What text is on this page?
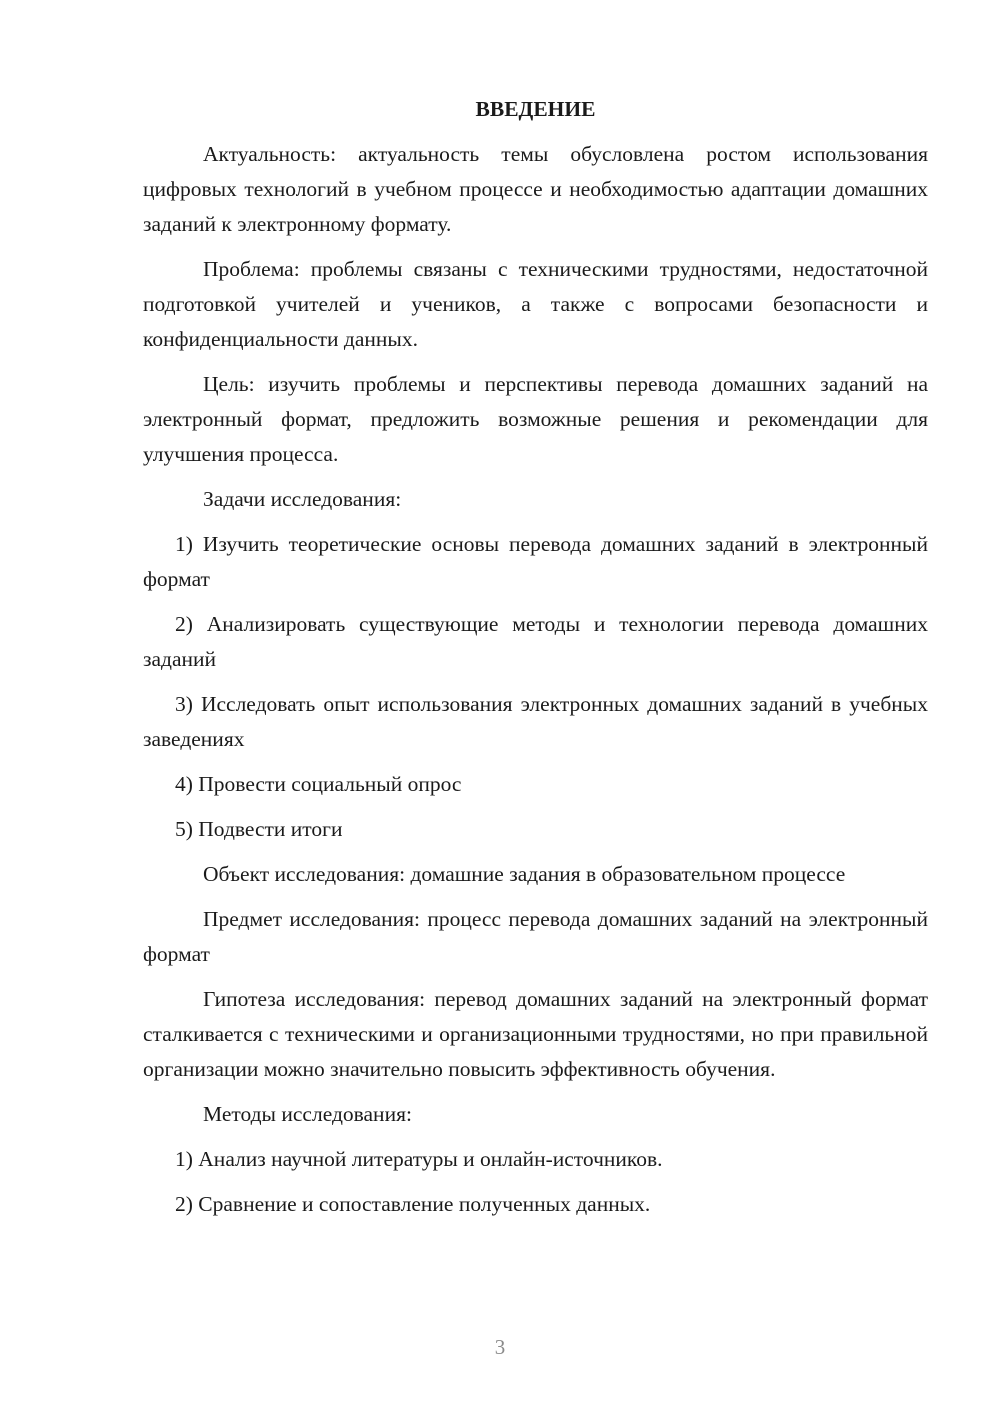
ВВЕДЕНИЕ

Актуальность: актуальность темы обусловлена ростом использования цифровых технологий в учебном процессе и необходимостью адаптации домашних заданий к электронному формату.

Проблема: проблемы связаны с техническими трудностями, недостаточной подготовкой учителей и учеников, а также с вопросами безопасности и конфиденциальности данных.

Цель: изучить проблемы и перспективы перевода домашних заданий на электронный формат, предложить возможные решения и рекомендации для улучшения процесса.

Задачи исследования:

1) Изучить теоретические основы перевода домашних заданий в электронный формат

2) Анализировать существующие методы и технологии перевода домашних заданий

3) Исследовать опыт использования электронных домашних заданий в учебных заведениях

4) Провести социальный опрос

5) Подвести итоги

Объект исследования: домашние задания в образовательном процессе

Предмет исследования: процесс перевода домашних заданий на электронный формат

Гипотеза исследования: перевод домашних заданий на электронный формат сталкивается с техническими и организационными трудностями, но при правильной организации можно значительно повысить эффективность обучения.

Методы исследования:

1) Анализ научной литературы и онлайн-источников.

2) Сравнение и сопоставление полученных данных.

3
